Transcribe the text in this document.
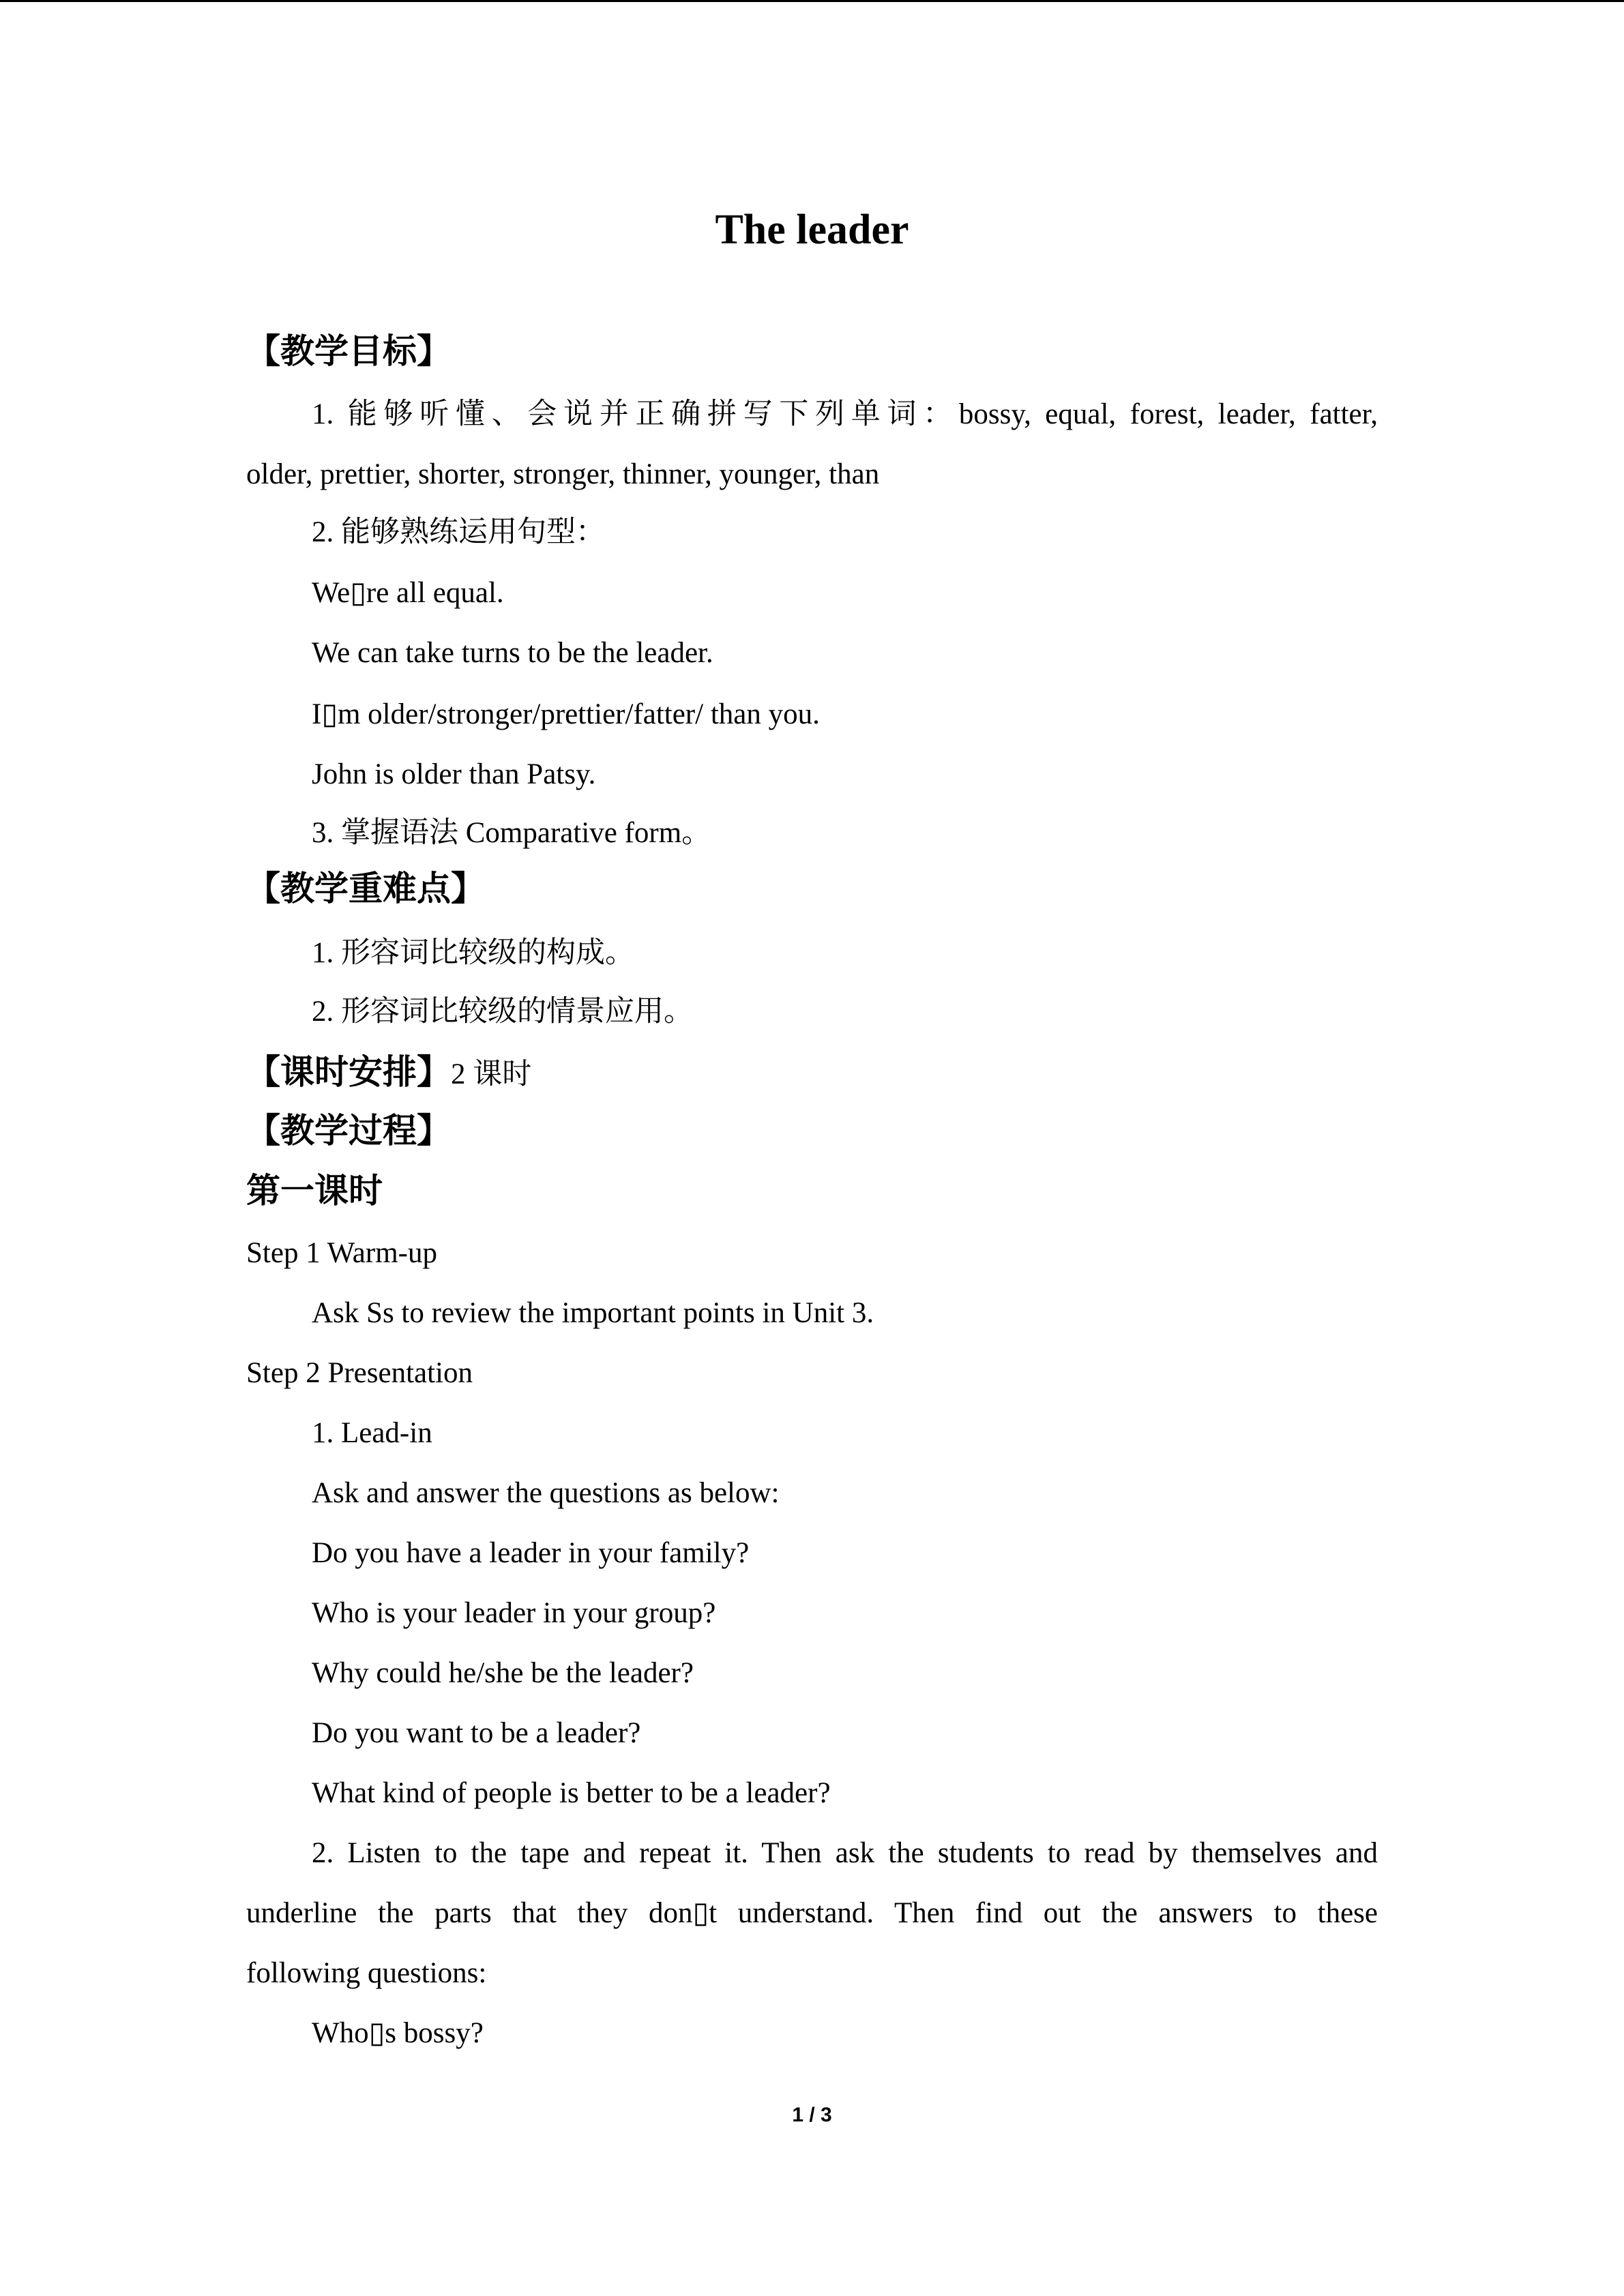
The leader
【教学目标】
1. 能够听懂、会说并正确拼写下列单词：bossy, equal, forest, leader, fatter,
older, prettier, shorter, stronger, thinner, younger, than
2. 能够熟练运用句型：
We▯re all equal.
We can take turns to be the leader.
I▯m older/stronger/prettier/fatter/ than you.
John is older than Patsy.
3. 掌握语法 Comparative form。
【教学重难点】
1. 形容词比较级的构成。
2. 形容词比较级的情景应用。
【课时安排】2 课时
【教学过程】
第一课时
Step 1 Warm-up
Ask Ss to review the important points in Unit 3.
Step 2 Presentation
1. Lead-in
Ask and answer the questions as below:
Do you have a leader in your family?
Who is your leader in your group?
Why could he/she be the leader?
Do you want to be a leader?
What kind of people is better to be a leader?
2. Listen to the tape and repeat it. Then ask the students to read by themselves and
underline the parts that they don▯t understand. Then find out the answers to these
following questions:
Who▯s bossy?
1 / 3
